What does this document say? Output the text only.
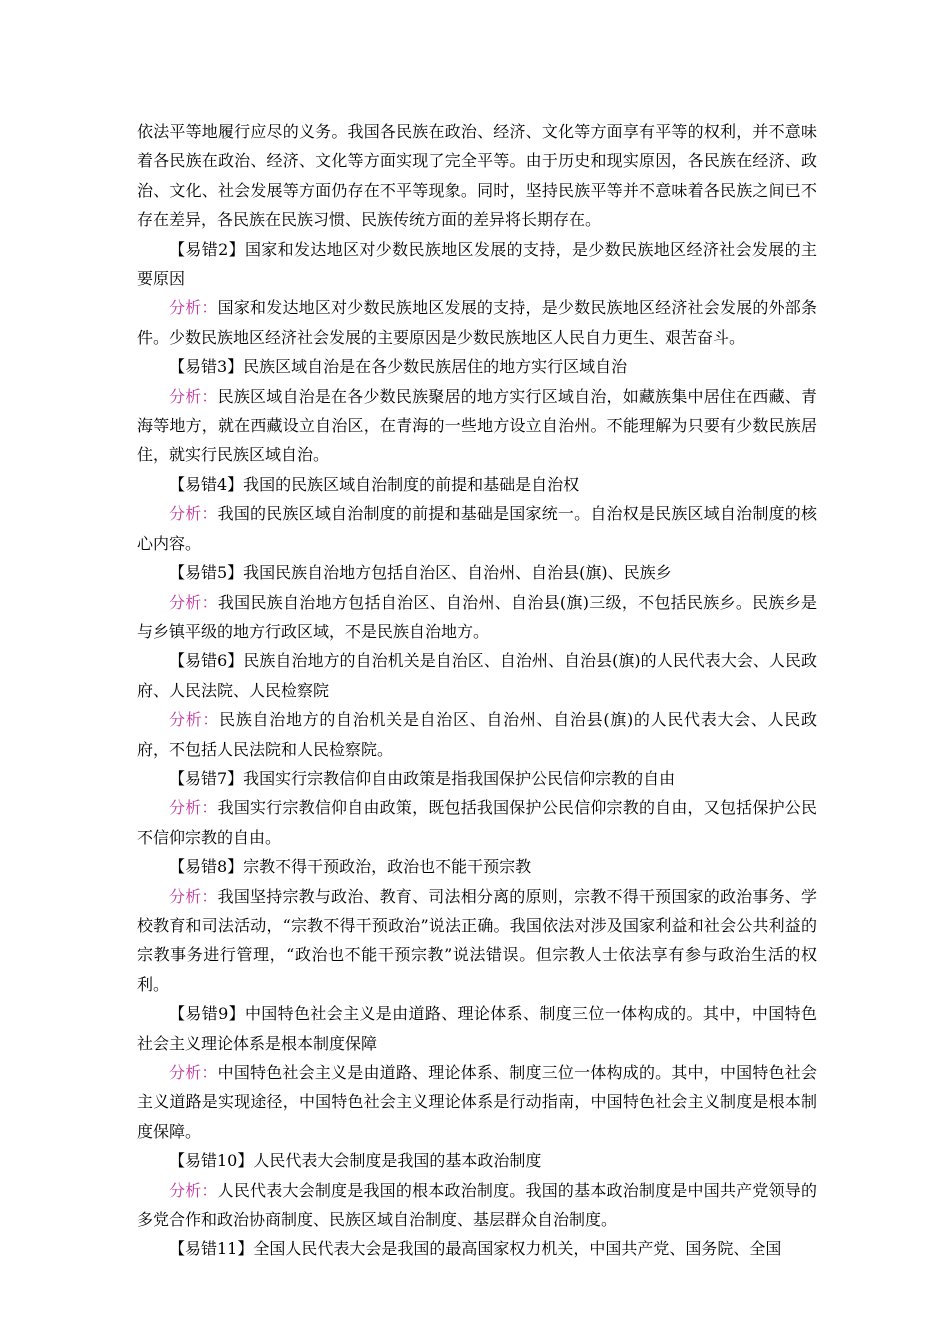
依法平等地履行应尽的义务。我国各民族在政治、经济、文化等方面享有平等的权利，并不意味着各民族在政治、经济、文化等方面实现了完全平等。由于历史和现实原因，各民族在经济、政治、文化、社会发展等方面仍存在不平等现象。同时，坚持民族平等并不意味着各民族之间已不存在差异，各民族在民族习惯、民族传统方面的差异将长期存在。

【易错2】国家和发达地区对少数民族地区发展的支持，是少数民族地区经济社会发展的主要原因

分析：国家和发达地区对少数民族地区发展的支持，是少数民族地区经济社会发展的外部条件。少数民族地区经济社会发展的主要原因是少数民族地区人民自力更生、艰苦奋斗。

【易错3】民族区域自治是在各少数民族居住的地方实行区域自治

分析：民族区域自治是在各少数民族聚居的地方实行区域自治，如藏族集中居住在西藏、青海等地方，就在西藏设立自治区，在青海的一些地方设立自治州。不能理解为只要有少数民族居住，就实行民族区域自治。

【易错4】我国的民族区域自治制度的前提和基础是自治权

分析：我国的民族区域自治制度的前提和基础是国家统一。自治权是民族区域自治制度的核心内容。

【易错5】我国民族自治地方包括自治区、自治州、自治县(旗)、民族乡

分析：我国民族自治地方包括自治区、自治州、自治县(旗)三级，不包括民族乡。民族乡是与乡镇平级的地方行政区域，不是民族自治地方。

【易错6】民族自治地方的自治机关是自治区、自治州、自治县(旗)的人民代表大会、人民政府、人民法院、人民检察院

分析：民族自治地方的自治机关是自治区、自治州、自治县(旗)的人民代表大会、人民政府，不包括人民法院和人民检察院。

【易错7】我国实行宗教信仰自由政策是指我国保护公民信仰宗教的自由

分析：我国实行宗教信仰自由政策，既包括我国保护公民信仰宗教的自由，又包括保护公民不信仰宗教的自由。

【易错8】宗教不得干预政治，政治也不能干预宗教

分析：我国坚持宗教与政治、教育、司法相分离的原则，宗教不得干预国家的政治事务、学校教育和司法活动，“宗教不得干预政治”说法正确。我国依法对涉及国家利益和社会公共利益的宗教事务进行管理，“政治也不能干预宗教”说法错误。但宗教人士依法享有参与政治生活的权利。

【易错9】中国特色社会主义是由道路、理论体系、制度三位一体构成的。其中，中国特色社会主义理论体系是根本制度保障

分析：中国特色社会主义是由道路、理论体系、制度三位一体构成的。其中，中国特色社会主义道路是实现途径，中国特色社会主义理论体系是行动指南，中国特色社会主义制度是根本制度保障。

【易错10】人民代表大会制度是我国的基本政治制度

分析：人民代表大会制度是我国的根本政治制度。我国的基本政治制度是中国共产党领导的多党合作和政治协商制度、民族区域自治制度、基层群众自治制度。

【易错11】全国人民代表大会是我国的最高国家权力机关，中国共产党、国务院、全国
